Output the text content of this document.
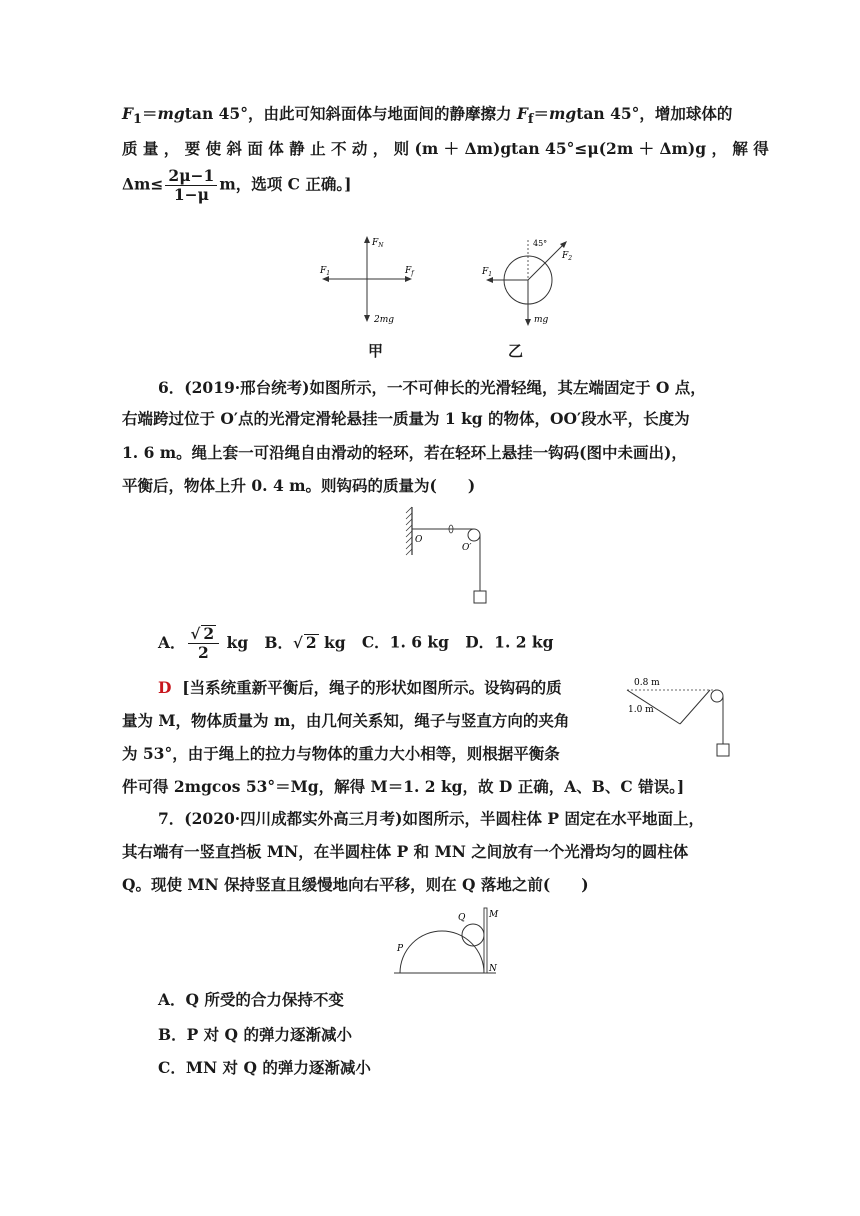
$F_1=mgtan$ 45°，由此可知斜面体与地面间的静摩擦力 $F_f=mgtan$ 45°，增加球体的
质 量 ， 要 使 斜 面 体 静 止 不 动 ， 则 (m ＋ Δm)gtan 45°≤μ(2m ＋ Δm)g ， 解 得
$\Delta m\le \frac{2\mu-1}{1-\mu}$ m，选项 C 正确。]
$F_N$
$F_1$	$F_f$
2mg
甲
45°
$F_2$
$F_1$
mg
乙
6．(2019·邢台统考)如图所示，一不可伸长的光滑轻绳，其左端固定于 O 点，
右端跨过位于 O′点的光滑定滑轮悬挂一质量为 1 kg 的物体，OO′段水平，长度为
1. 6 m。绳上套一可沿绳自由滑动的轻环，若在轻环上悬挂一钩码(图中未画出)，
平衡后，物体上升 0. 4 m。则钩码的质量为(　　)
O
O′
A． $\frac{√ 2}{2}$ kg B．√ 2 kg C．1. 6 kg D．1. 2 kg
D [当系统重新平衡后，绳子的形状如图所示。设钩码的质
量为 M，物体质量为 m，由几何关系知，绳子与竖直方向的夹角
为 53°，由于绳上的拉力与物体的重力大小相等，则根据平衡条
件可得 2mgcos 53°＝Mg，解得 M＝1. 2 kg，故 D 正确，A、B、C 错误。]
0.8 m
1.0 m
7．(2020·四川成都实外高三月考)如图所示，半圆柱体 P 固定在水平地面上，
其右端有一竖直挡板 MN，在半圆柱体 P 和 MN 之间放有一个光滑均匀的圆柱体
Q。现使 MN 保持竖直且缓慢地向右平移，则在 Q 落地之前(　　)
P
Q	M
N
A．Q 所受的合力保持不变
B．P 对 Q 的弹力逐渐减小
C．MN 对 Q 的弹力逐渐减小
